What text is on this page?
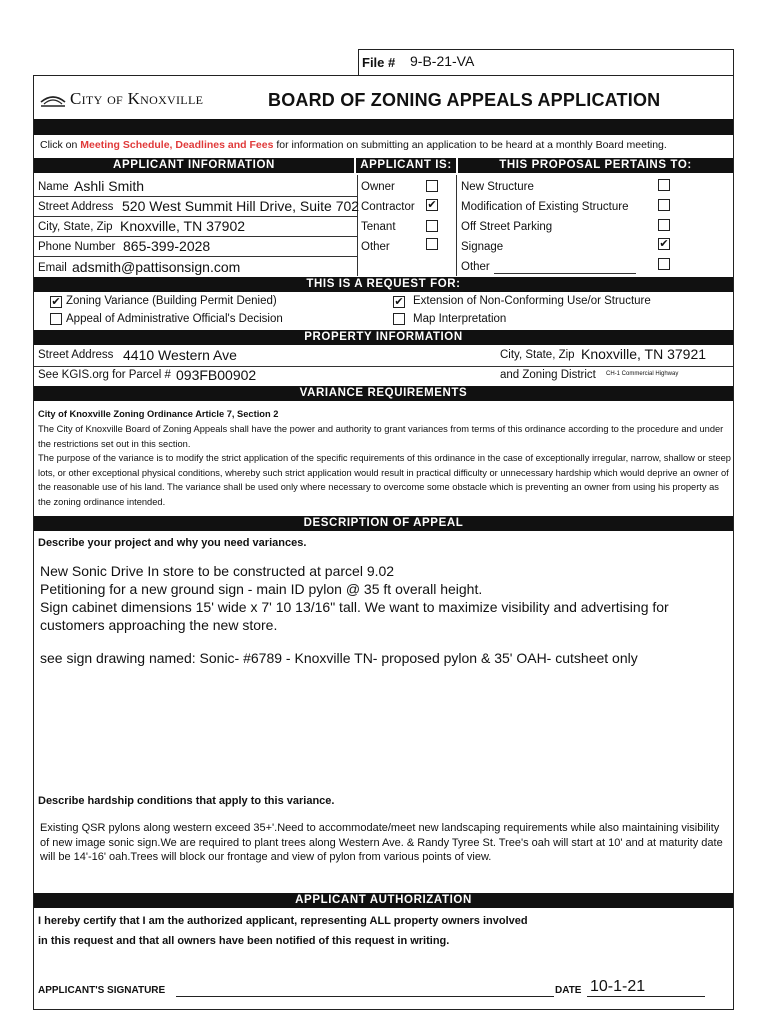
File # 9-B-21-VA
City of Knoxville	BOARD OF ZONING APPEALS APPLICATION
Click on Meeting Schedule, Deadlines and Fees for information on submitting an application to be heard at a monthly Board meeting.
APPLICANT INFORMATION	APPLICANT IS:	THIS PROPOSAL PERTAINS TO:
Name Ashli Smith
Street Address 520 West Summit Hill Drive, Suite 702
City, State, Zip Knoxville, TN 37902
Phone Number 865-399-2028
Email adsmith@pattisonsign.com
Owner
Contractor ✔
Tenant
Other
New Structure
Modification of Existing Structure
Off Street Parking
Signage	✔
Other
THIS IS A REQUEST FOR:
✔ Zoning Variance (Building Permit Denied)
Appeal of Administrative Official's Decision
✔ Extension of Non-Conforming Use/or Structure
Map Interpretation
PROPERTY INFORMATION
Street Address 4410 Western Ave	City, State, Zip Knoxville, TN 37921
See KGIS.org for Parcel # 093FB00902	and Zoning District CH-1 Commercial Highway
VARIANCE REQUIREMENTS
City of Knoxville Zoning Ordinance Article 7, Section 2
The City of Knoxville Board of Zoning Appeals shall have the power and authority to grant variances from terms of this ordinance according to the procedure and under the restrictions set out in this section.
The purpose of the variance is to modify the strict application of the specific requirements of this ordinance in the case of exceptionally irregular, narrow, shallow or steep lots, or other exceptional physical conditions, whereby such strict application would result in practical difficulty or unnecessary hardship which would deprive an owner of the reasonable use of his land. The variance shall be used only where necessary to overcome some obstacle which is preventing an owner from using his property as the zoning ordinance intended.
DESCRIPTION OF APPEAL
Describe your project and why you need variances.
New Sonic Drive In store to be constructed at parcel 9.02
Petitioning for a new ground sign - main ID pylon @ 35 ft overall height.
Sign cabinet dimensions 15' wide x 7' 10 13/16" tall. We want to maximize visibility and advertising for customers approaching the new store.
see sign drawing named: Sonic- #6789 - Knoxville TN- proposed pylon & 35' OAH- cutsheet only
Describe hardship conditions that apply to this variance.
Existing QSR pylons along western exceed 35+'.Need to accommodate/meet new landscaping requirements while also maintaining visibility of new image sonic sign.We are required to plant trees along Western Ave. & Randy Tyree St. Tree's oah will start at 10' and at maturity date will be 14'-16' oah.Trees will block our frontage and view of pylon from various points of view.
APPLICANT AUTHORIZATION
I hereby certify that I am the authorized applicant, representing ALL property owners involved
in this request and that all owners have been notified of this request in writing.
APPLICANT'S SIGNATURE	DATE 10-1-21
